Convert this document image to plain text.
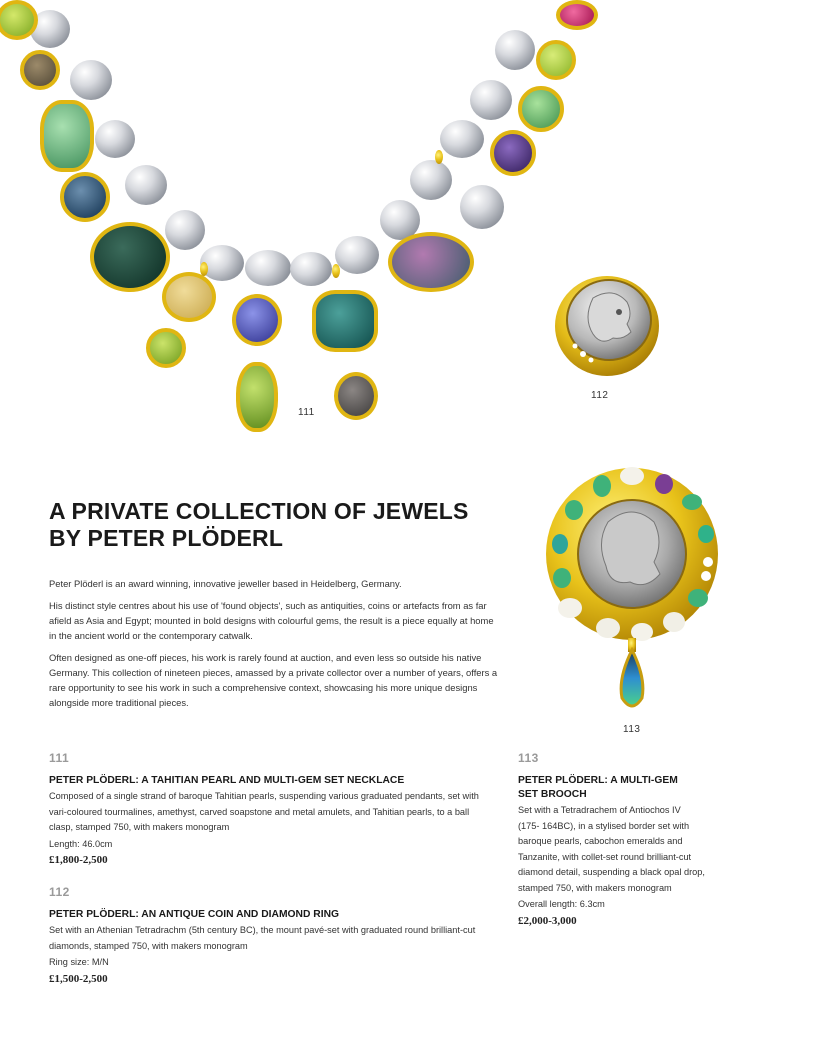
111
112
113
A PRIVATE COLLECTION OF JEWELS
BY PETER PLÖDERL

Peter Plöderl is an award winning, innovative jeweller based in Heidelberg, Germany.

His distinct style centres about his use of 'found objects', such as antiquities, coins or artefacts from as far afield as Asia and Egypt; mounted in bold designs with colourful gems, the result is a piece equally at home in the ancient world or the contemporary catwalk.

Often designed as one-off pieces, his work is rarely found at auction, and even less so outside his native Germany. This collection of nineteen pieces, amassed by a private collector over a number of years, offers a rare opportunity to see his work in such a comprehensive context, showcasing his more unique designs alongside more traditional pieces.

111
PETER PLÖDERL: A TAHITIAN PEARL AND MULTI-GEM SET NECKLACE
Composed of a single strand of baroque Tahitian pearls, suspending various graduated pendants, set with vari-coloured tourmalines, amethyst, carved soapstone and metal amulets, and Tahitian pearls, to a ball clasp, stamped 750, with makers monogram
Length: 46.0cm
£1,800-2,500
112
PETER PLÖDERL: AN ANTIQUE COIN AND DIAMOND RING
Set with an Athenian Tetradrachm (5th century BC), the mount pavé-set with graduated round brilliant-cut diamonds, stamped 750, with makers monogram
Ring size: M/N
£1,500-2,500
113
PETER PLÖDERL: A MULTI-GEM
SET BROOCH
Set with a Tetradrachem of Antiochos IV
(175- 164BC), in a stylised border set with
baroque pearls, cabochon emeralds and
Tanzanite, with collet-set round brilliant-cut
diamond detail, suspending a black opal drop,
stamped 750, with makers monogram
Overall length: 6.3cm
£2,000-3,000
